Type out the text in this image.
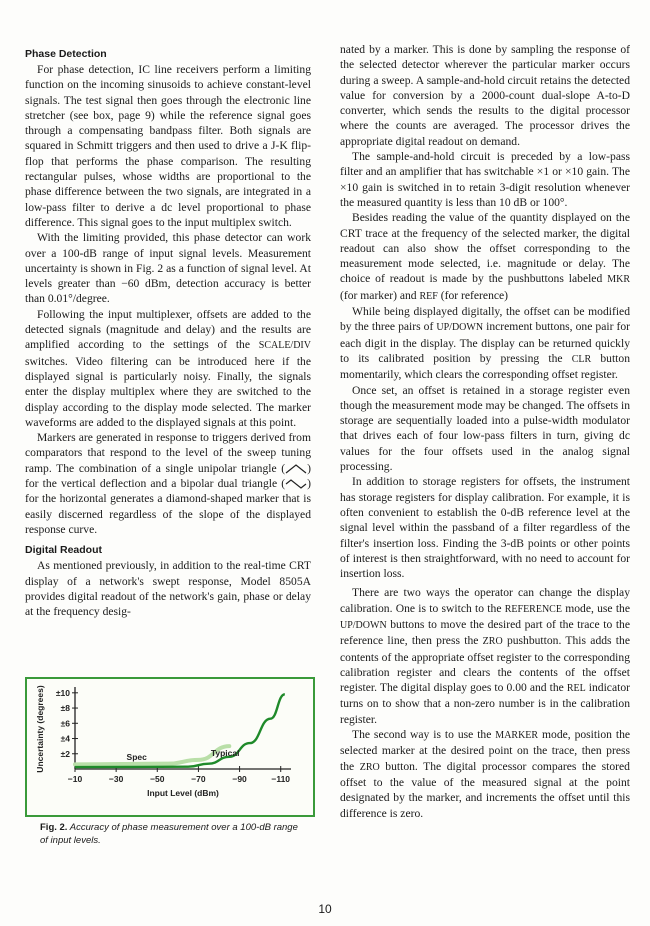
Phase Detection

For phase detection, IC line receivers perform a limiting function on the incoming sinusoids to achieve constant-level signals. The test signal then goes through the electronic line stretcher (see box, page 9) while the reference signal goes through a compensating bandpass filter. Both signals are squared in Schmitt triggers and then used to drive a J-K flip-flop that performs the phase comparison. The resulting rectangular pulses, whose widths are proportional to the phase difference between the two signals, are integrated in a low-pass filter to derive a dc level proportional to phase difference. This signal goes to the input multiplex switch.

With the limiting provided, this phase detector can work over a 100-dB range of input signal levels. Measurement uncertainty is shown in Fig. 2 as a function of signal level. At levels greater than −60 dBm, detection accuracy is better than 0.01°/degree.

Following the input multiplexer, offsets are added to the detected signals (magnitude and delay) and the results are amplified according to the settings of the SCALE/DIV switches. Video filtering can be introduced here if the displayed signal is particularly noisy. Finally, the signals enter the display multiplex where they are switched to the display according to the display mode selected. The marker waveforms are added to the displayed signals at this point.

Markers are generated in response to triggers derived from comparators that respond to the level of the sweep tuning ramp. The combination of a single unipolar triangle ( ) for the vertical deflection and a bipolar dual triangle ( ) for the horizontal generates a diamond-shaped marker that is easily discerned regardless of the slope of the displayed response curve.

Digital Readout

As mentioned previously, in addition to the real-time CRT display of a network's swept response, Model 8505A provides digital readout of the network's gain, phase or delay at the frequency desig-

nated by a marker. This is done by sampling the response of the selected detector wherever the particular marker occurs during a sweep. A sample-and-hold circuit retains the detected value for conversion by a 2000-count dual-slope A-to-D converter, which sends the results to the digital processor where the counts are averaged. The processor drives the appropriate digital readout on demand.

The sample-and-hold circuit is preceded by a low-pass filter and an amplifier that has switchable ×1 or ×10 gain. The ×10 gain is switched in to retain 3-digit resolution whenever the measured quantity is less than 10 dB or 100°.

Besides reading the value of the quantity displayed on the CRT trace at the frequency of the selected marker, the digital readout can also show the offset corresponding to the measurement mode selected, i.e. magnitude or delay. The choice of readout is made by the pushbuttons labeled MKR (for marker) and REF (for reference)

While being displayed digitally, the offset can be modified by the three pairs of UP/DOWN increment buttons, one pair for each digit in the display. The display can be returned quickly to its calibrated position by pressing the CLR button momentarily, which clears the corresponding offset register.

Once set, an offset is retained in a storage register even though the measurement mode may be changed. The offsets in storage are sequentially loaded into a pulse-width modulator that drives each of four low-pass filters in turn, giving dc values for the four offsets used in the analog signal processing.

In addition to storage registers for offsets, the instrument has storage registers for display calibration. For example, it is often convenient to establish the 0-dB reference level at the signal level within the passband of a filter regardless of the filter's insertion loss. Finding the 3-dB points or other points of interest is then straightforward, with no need to account for insertion loss.

There are two ways the operator can change the display calibration. One is to switch to the REFERENCE mode, use the UP/DOWN buttons to move the desired part of the trace to the reference line, then press the ZRO pushbutton. This adds the contents of the appropriate offset register to the corresponding calibration register and clears the contents of the offset register. The digital display goes to 0.00 and the REL indicator turns on to show that a non-zero number is in the calibration register.

The second way is to use the MARKER mode, position the selected marker at the desired point on the trace, then press the ZRO button. The digital processor compares the stored offset to the value of the measured signal at the point designated by the marker, and increments the offset until this difference is zero.

−10	−30	−50	−70	−90	−110
±2
±4
±6
±8
±10
Input Level (dBm)
Uncertainty (degrees)	Spec	Typical
Fig. 2. Accuracy of phase measurement over a 100-dB range of input levels.
10
